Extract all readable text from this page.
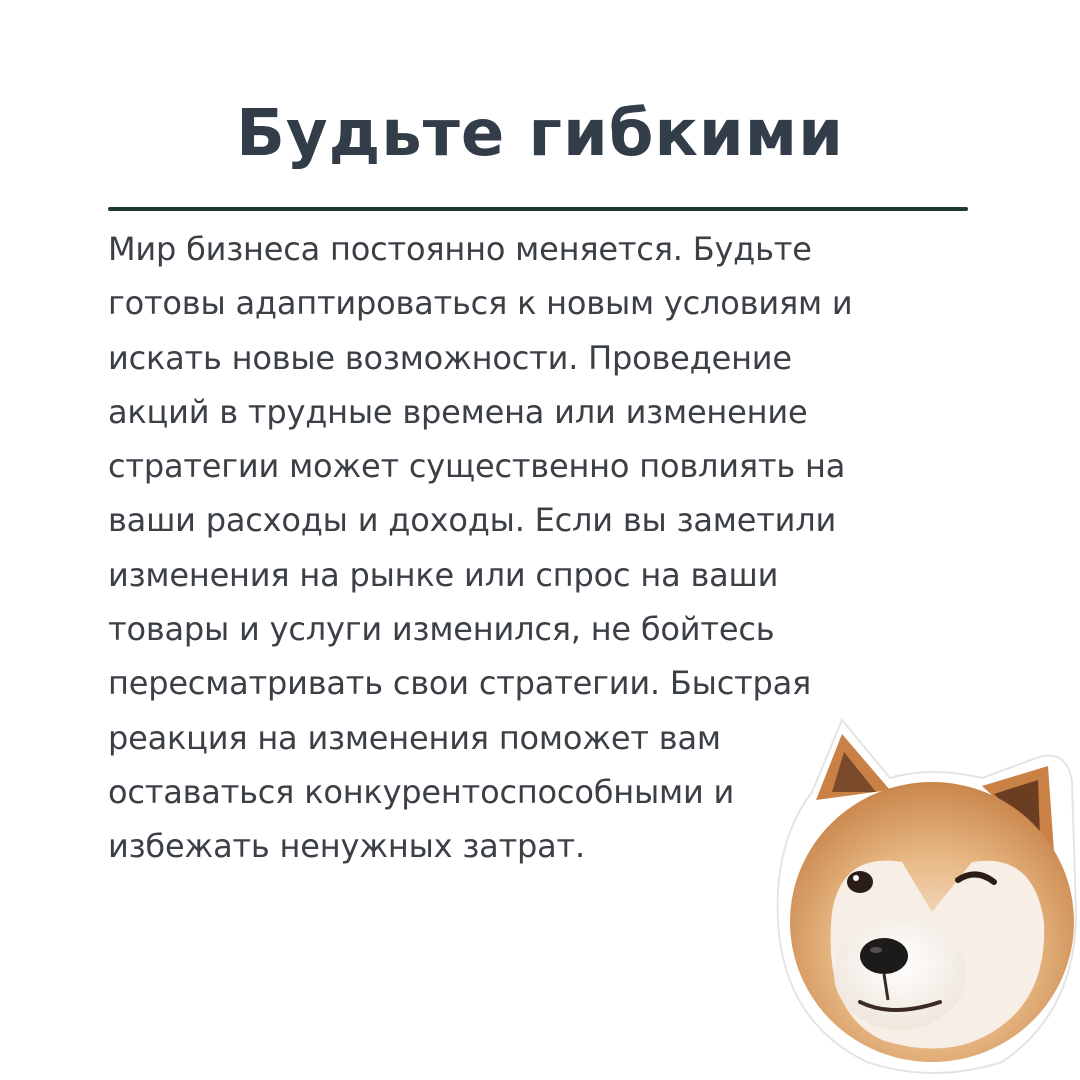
Будьте гибкими
Мир бизнеса постоянно меняется. Будьте
готовы адаптироваться к новым условиям и
искать новые возможности. Проведение
акций в трудные времена или изменение
стратегии может существенно повлиять на
ваши расходы и доходы. Если вы заметили
изменения на рынке или спрос на ваши
товары и услуги изменился, не бойтесь
пересматривать свои стратегии. Быстрая
реакция на изменения поможет вам
оставаться конкурентоспособными и
избежать ненужных затрат.
